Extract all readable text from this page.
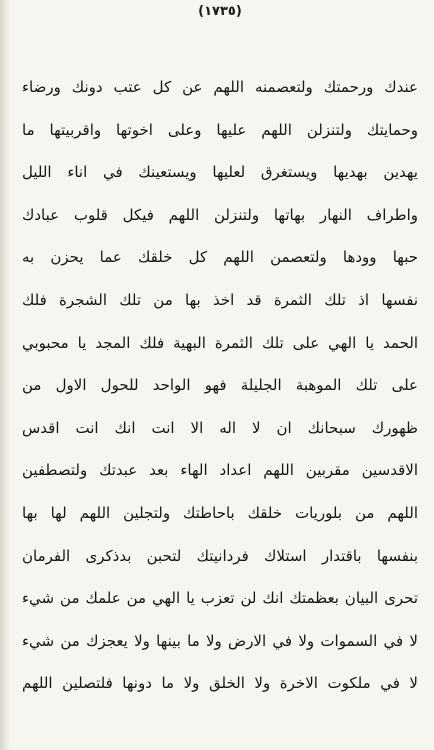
(١٧٣٥)
عندك ورحمتك ولتعصمنه اللهم عن كل عتب دونك ورضاء
وحمايتك ولتنزلن اللهم عليها وعلى اخوتها واقربيتها ما
يهدين بهديها ويستغرق لعليها ويستعينك في اناء الليل
واطراف النهار بهاتها ولتنزلن اللهم فيكل قلوب عبادك
حبها وودها ولتعصمن اللهم كل خلقك عما يحزن به
نفسها اذ تلك الثمرة قد اخذ بها من تلك الشجرة فلك
الحمد يا الهي على تلك الثمرة البهية فلك المجد يا محبوبي
على تلك الموهبة الجليلة فهو الواحد للحول الاول من
ظهورك سبحانك ان لا اله الا انت انك انت اقدس
الاقدسين مقربين اللهم اعداد الهاء بعد عبدتك ولتصطفين
اللهم من بلوريات خلقك باحاطتك ولتجلين اللهم لها بها
بنفسها باقتدار استلاك فردانيتك لتحبن بدذكرى الفرمان
تحرى البيان بعظمتك انك لن تعزب يا الهي من علمك من شيء
لا في السموات ولا في الارض ولا ما بينها ولا يعجزك من شيء
لا في ملكوت الاخرة ولا الخلق ولا ما دونها فلتصلين اللهم
